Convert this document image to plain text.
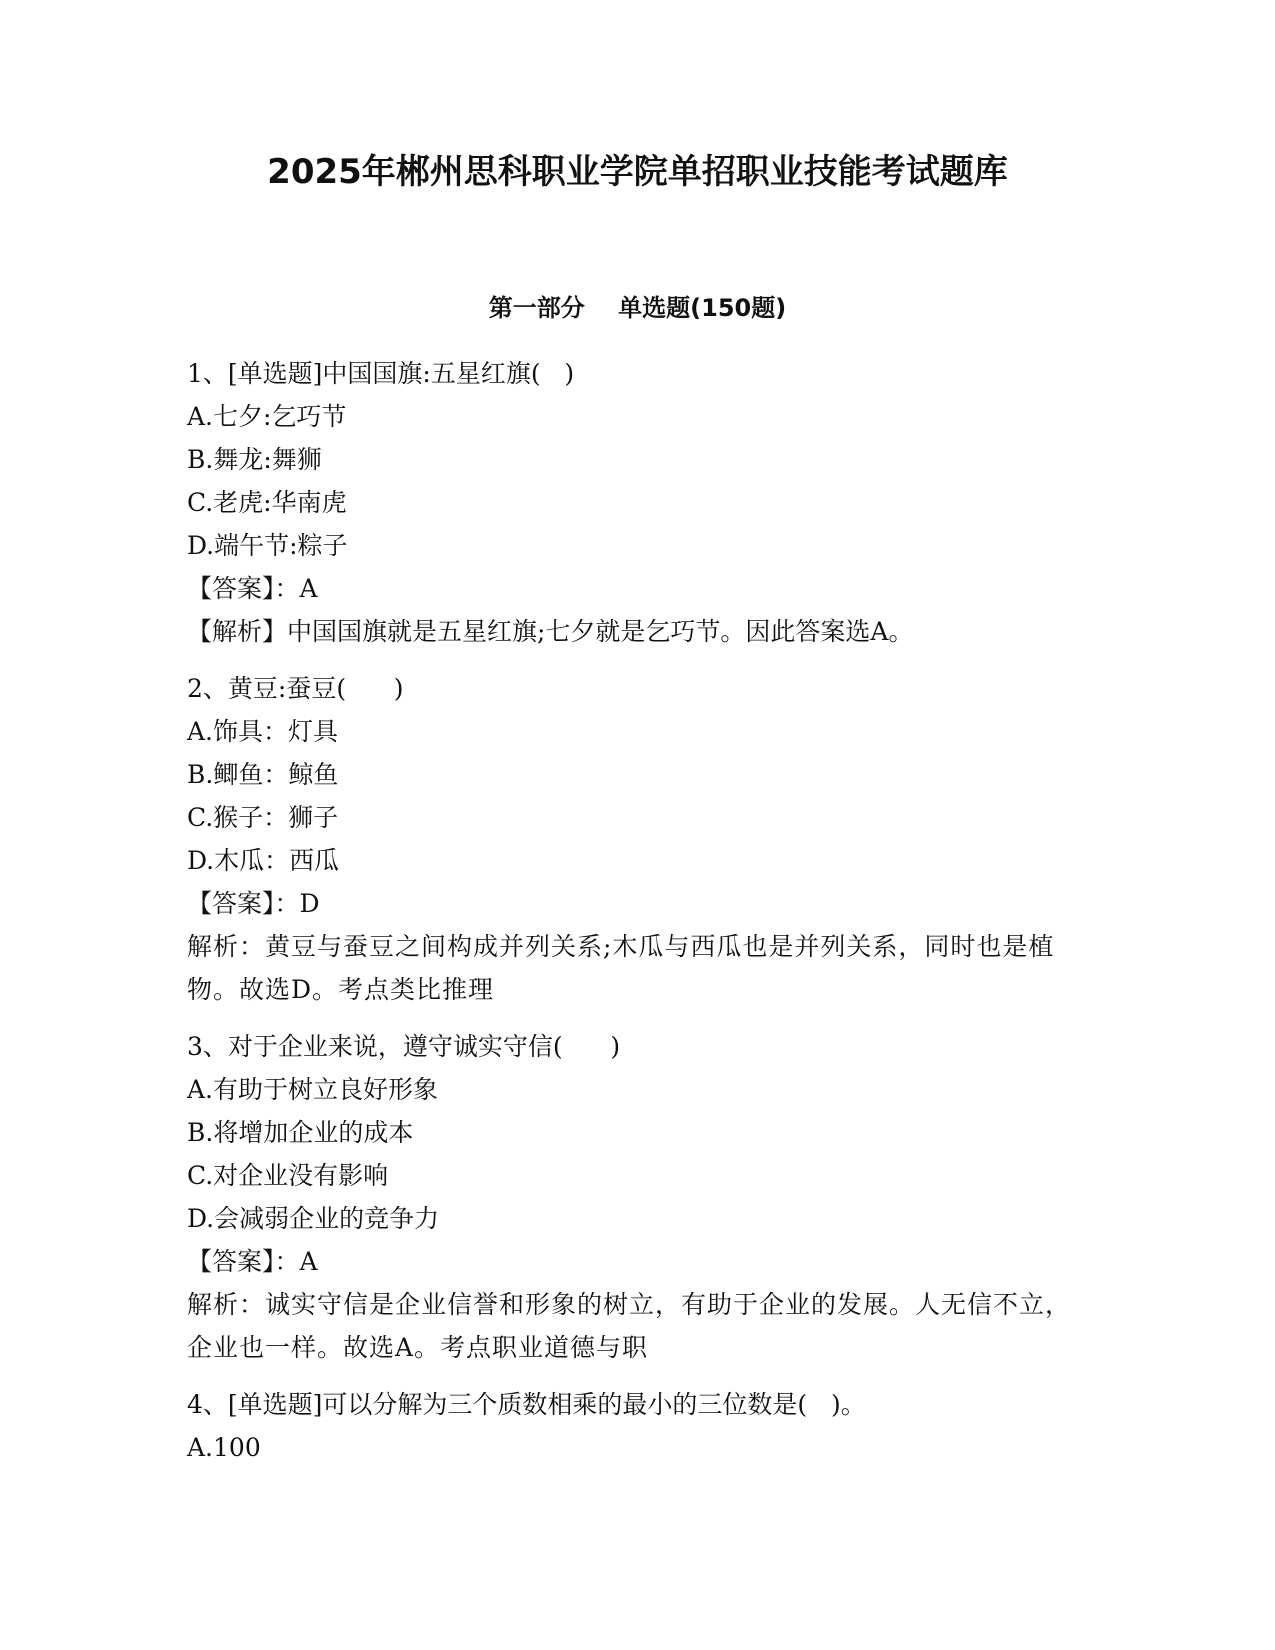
2025年郴州思科职业学院单招职业技能考试题库
第一部分    单选题(150题)
1、[单选题]中国国旗:五星红旗(   )
A.七夕:乞巧节
B.舞龙:舞狮
C.老虎:华南虎
D.端午节:粽子
【答案】：A
【解析】中国国旗就是五星红旗;七夕就是乞巧节。因此答案选A。
2、黄豆:蚕豆(      )
A.饰具：灯具
B.鲫鱼：鲸鱼
C.猴子：狮子
D.木瓜：西瓜
【答案】：D
解析：黄豆与蚕豆之间构成并列关系;木瓜与西瓜也是并列关系，同时也是植物。故选D。考点类比推理
3、对于企业来说，遵守诚实守信(      )
A.有助于树立良好形象
B.将增加企业的成本
C.对企业没有影响
D.会减弱企业的竞争力
【答案】：A
解析：诚实守信是企业信誉和形象的树立，有助于企业的发展。人无信不立，企业也一样。故选A。考点职业道德与职
4、[单选题]可以分解为三个质数相乘的最小的三位数是(   )。
A.100
